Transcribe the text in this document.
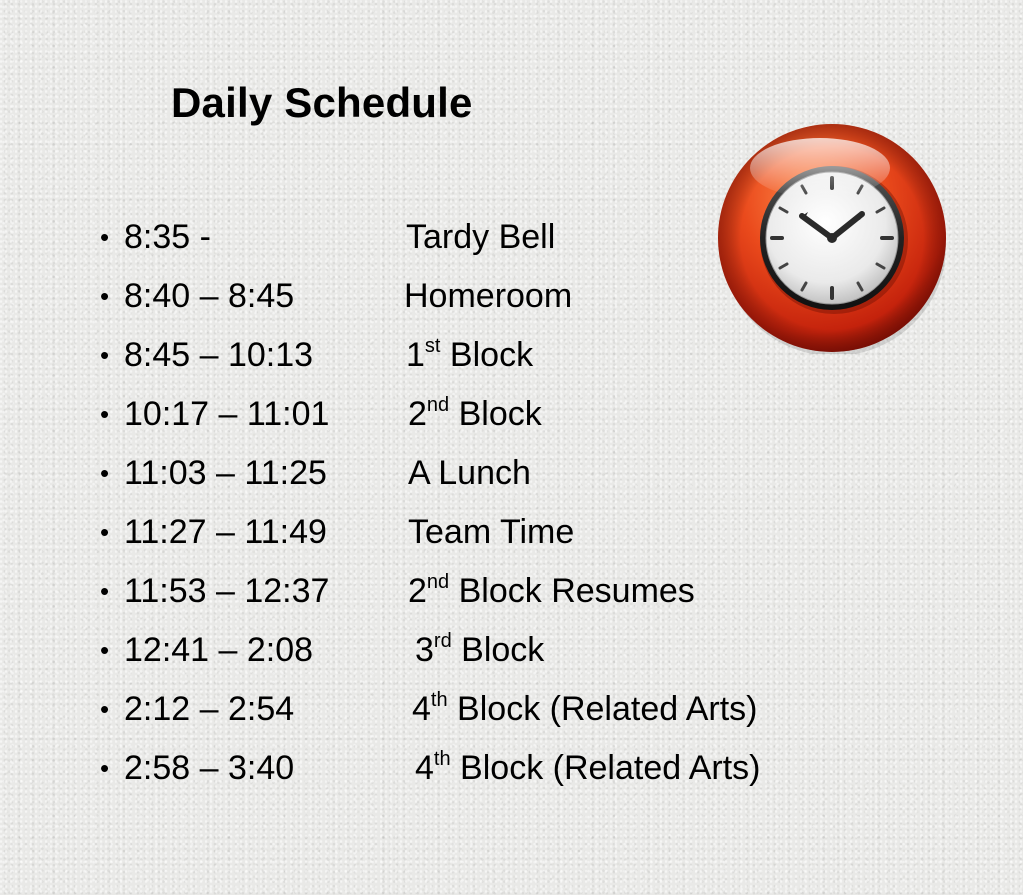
Daily Schedule
• 8:35 -	Tardy Bell
• 8:40 – 8:45	Homeroom
• 8:45 – 10:13	1st Block
• 10:17 – 11:01 2nd Block
• 11:03 – 11:25 A Lunch
• 11:27 – 11:49 Team Time
• 11:53 – 12:37 2nd Block Resumes
• 12:41 – 2:08	3rd Block
• 2:12 – 2:54	4th Block (Related Arts)
• 2:58 – 3:40	4th Block (Related Arts)
